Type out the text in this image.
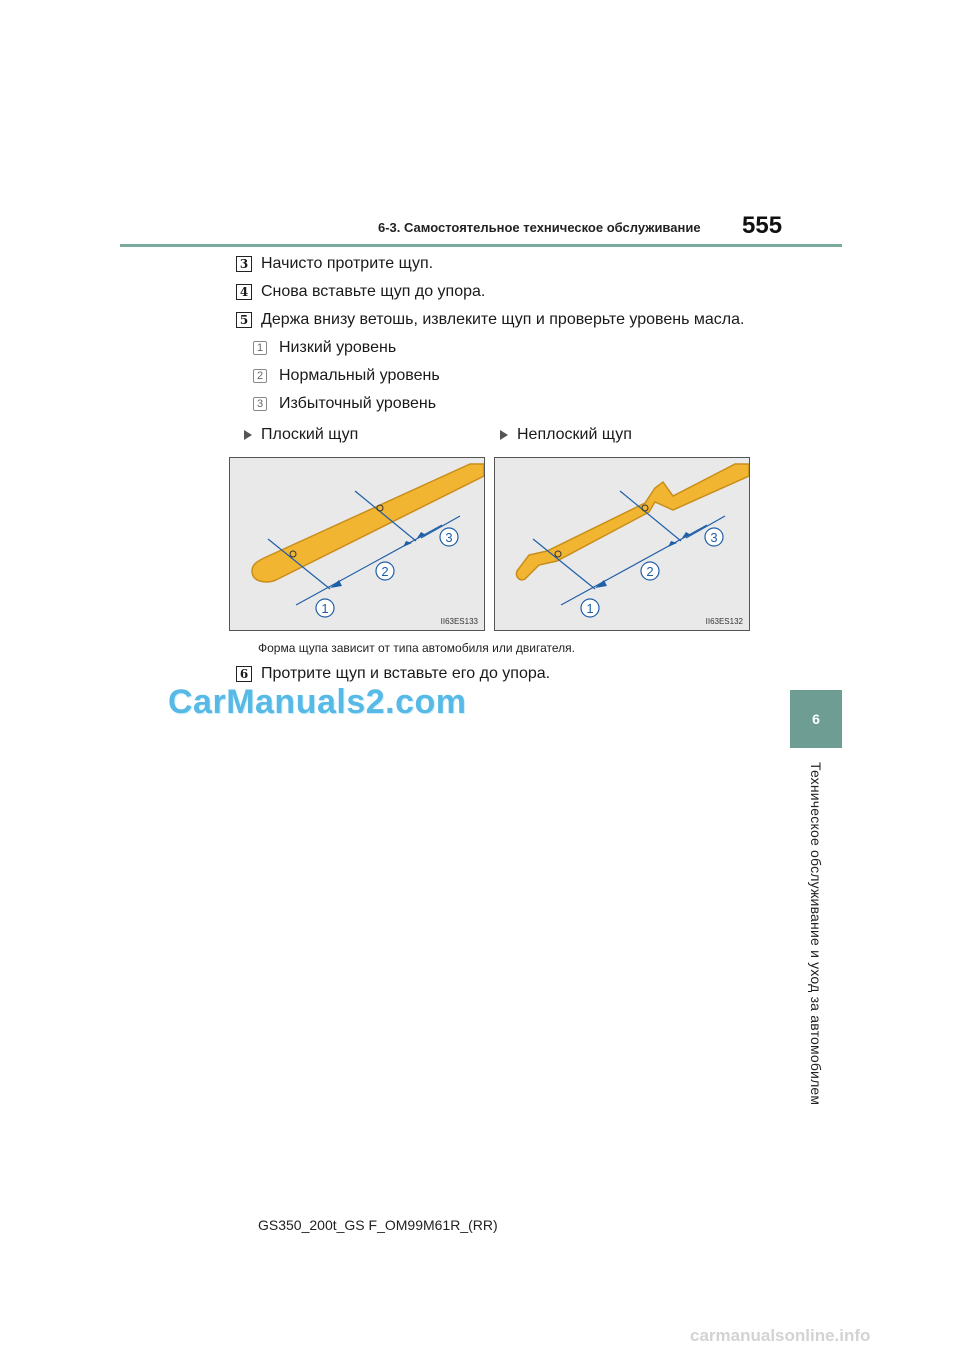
6-3. Самостоятельное техническое обслуживание 555
6
Техническое обслуживание и уход за автомобилем
3 Начисто протрите щуп.
4 Снова вставьте щуп до упора.
5 Держа внизу ветошь, извлеките щуп и проверьте уровень масла.
1 Низкий уровень
2 Нормальный уровень
3 Избыточный уровень
Плоский щуп	Неплоский щуп
1
2
3
II63ES133
1
2
3
II63ES132
Форма щупа зависит от типа автомобиля или двигателя.
6 Протрите щуп и вставьте его до упора.
CarManuals2.com
GS350_200t_GS F_OM99M61R_(RR)
carmanualsonline.info
